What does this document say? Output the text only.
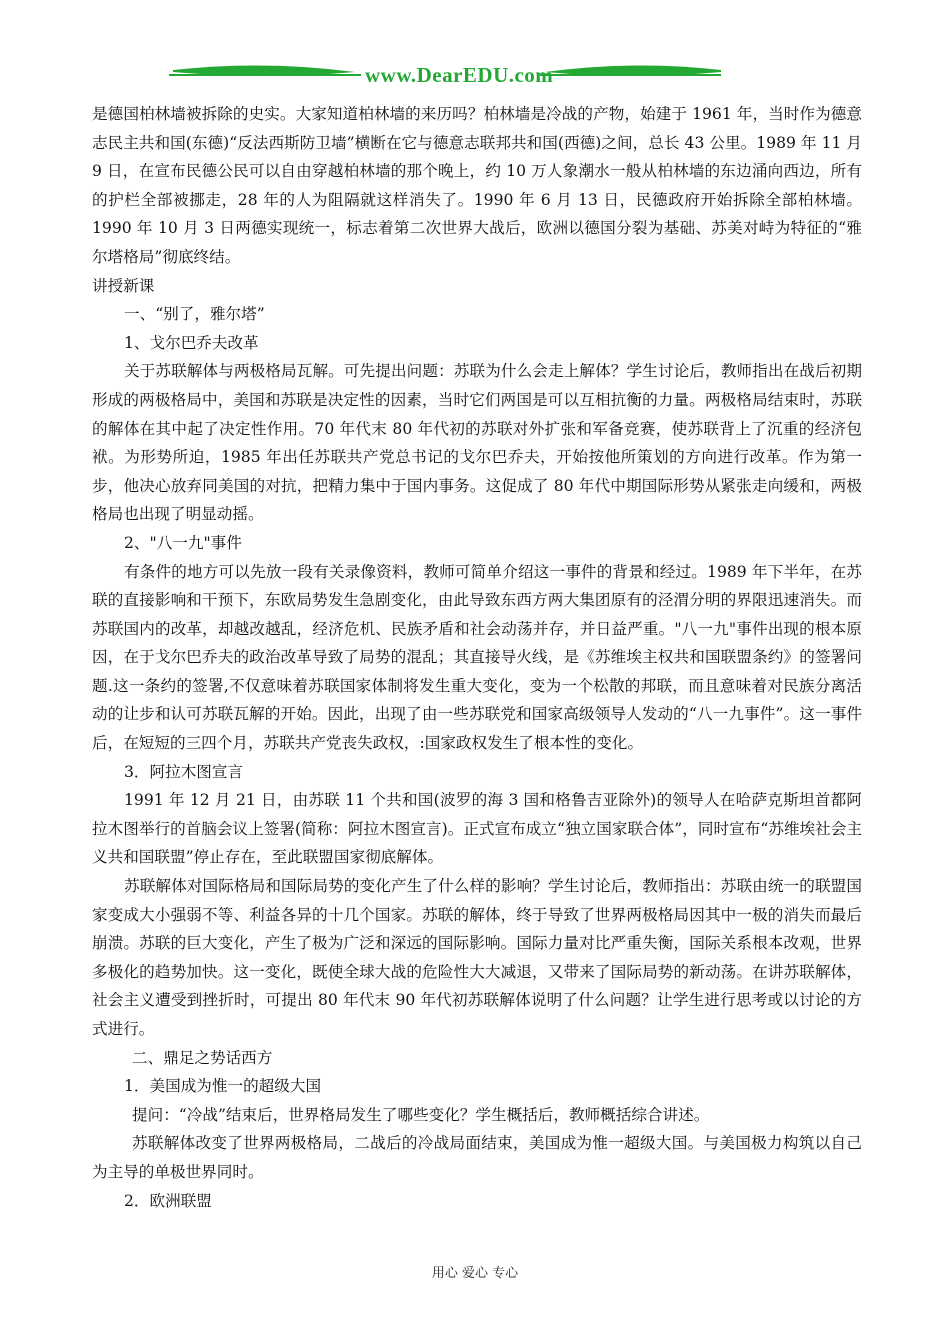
www.DearEDU.com

是德国柏林墙被拆除的史实。大家知道柏林墙的来历吗？柏林墙是冷战的产物，始建于 1961 年，当时作为德意志民主共和国(东德)“反法西斯防卫墙”横断在它与德意志联邦共和国(西德)之间，总长 43 公里。1989 年 11 月 9 日，在宣布民德公民可以自由穿越柏林墙的那个晚上，约 10 万人象潮水一般从柏林墙的东边涌向西边，所有的护栏全部被挪走，28 年的人为阻隔就这样消失了。1990 年 6 月 13 日，民德政府开始拆除全部柏林墙。1990 年 10 月 3 日两德实现统一，标志着第二次世界大战后，欧洲以德国分裂为基础、苏美对峙为特征的“雅尔塔格局”彻底终结。

讲授新课

一、“别了，雅尔塔”

1、戈尔巴乔夫改革

关于苏联解体与两极格局瓦解。可先提出问题：苏联为什么会走上解体？学生讨论后，教师指出在战后初期形成的两极格局中，美国和苏联是决定性的因素，当时它们两国是可以互相抗衡的力量。两极格局结束时，苏联的解体在其中起了决定性作用。70 年代末 80 年代初的苏联对外扩张和军备竞赛，使苏联背上了沉重的经济包袱。为形势所迫，1985 年出任苏联共产党总书记的戈尔巴乔夫，开始按他所策划的方向进行改革。作为第一步，他决心放弃同美国的对抗，把精力集中于国内事务。这促成了 80 年代中期国际形势从紧张走向缓和，两极格局也出现了明显动摇。

2、"八一九"事件

有条件的地方可以先放一段有关录像资料，教师可简单介绍这一事件的背景和经过。1989 年下半年，在苏联的直接影响和干预下，东欧局势发生急剧变化，由此导致东西方两大集团原有的泾渭分明的界限迅速消失。而苏联国内的改革，却越改越乱，经济危机、民族矛盾和社会动荡并存，并日益严重。"八一九"事件出现的根本原因，在于戈尔巴乔夫的政治改革导致了局势的混乱；其直接导火线，是《苏维埃主权共和国联盟条约》的签署问题.这一条约的签署,不仅意味着苏联国家体制将发生重大变化，变为一个松散的邦联，而且意味着对民族分离活动的让步和认可苏联瓦解的开始。因此，出现了由一些苏联党和国家高级领导人发动的“八一九事件”。这一事件后，在短短的三四个月，苏联共产党丧失政权，:国家政权发生了根本性的变化。

3．阿拉木图宣言

1991 年 12 月 21 日，由苏联 11 个共和国(波罗的海 3 国和格鲁吉亚除外)的领导人在哈萨克斯坦首都阿拉木图举行的首脑会议上签署(简称：阿拉木图宣言)。正式宣布成立“独立国家联合体”，同时宣布“苏维埃社会主义共和国联盟”停止存在，至此联盟国家彻底解体。

苏联解体对国际格局和国际局势的变化产生了什么样的影响？学生讨论后，教师指出：苏联由统一的联盟国家变成大小强弱不等、利益各异的十几个国家。苏联的解体，终于导致了世界两极格局因其中一极的消失而最后崩溃。苏联的巨大变化，产生了极为广泛和深远的国际影响。国际力量对比严重失衡，国际关系根本改观，世界多极化的趋势加快。这一变化，既使全球大战的危险性大大减退，又带来了国际局势的新动荡。在讲苏联解体，社会主义遭受到挫折时，可提出 80 年代末 90 年代初苏联解体说明了什么问题？让学生进行思考或以讨论的方式进行。

二、鼎足之势话西方

1．美国成为惟一的超级大国

提问：“冷战”结束后，世界格局发生了哪些变化？学生概括后，教师概括综合讲述。

苏联解体改变了世界两极格局，二战后的冷战局面结束，美国成为惟一超级大国。与美国极力构筑以自己为主导的单极世界同时。

2．欧洲联盟

用心 爱心 专心
